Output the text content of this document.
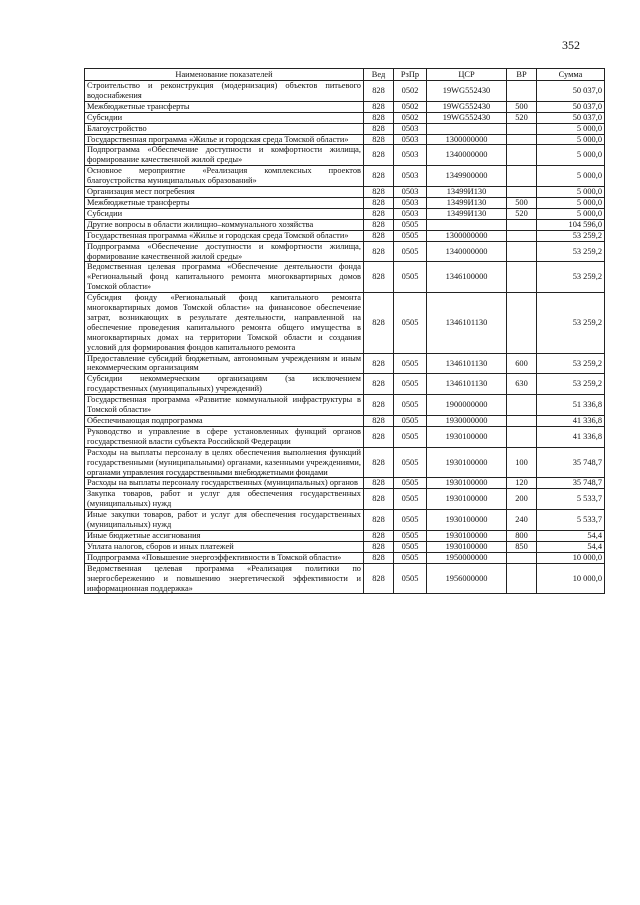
352
Наименование показателей	Вед	РзПр	ЦСР	ВР	Сумма
Строительство и реконструкция (модернизация) объектов питьевого водоснабжения	828	0502	19WG552430		50 037,0
Межбюджетные трансферты	828	0502	19WG552430	500	50 037,0
Субсидии	828	0502	19WG552430	520	50 037,0
Благоустройство	828	0503			5 000,0
Государственная программа «Жилье и городская среда Томской области»	828	0503	1300000000		5 000,0
Подпрограмма «Обеспечение доступности и комфортности жилища, формирование качественной жилой среды»	828	0503	1340000000		5 000,0
Основное мероприятие «Реализация комплексных проектов благоустройства муниципальных образований»	828	0503	1349900000		5 000,0
Организация мест погребения	828	0503	13499И130		5 000,0
Межбюджетные трансферты	828	0503	13499И130	500	5 000,0
Субсидии	828	0503	13499И130	520	5 000,0
Другие вопросы в области жилищно–коммунального хозяйства	828	0505			104 596,0
Государственная программа «Жилье и городская среда Томской области»	828	0505	1300000000		53 259,2
Подпрограмма «Обеспечение доступности и комфортности жилища, формирование качественной жилой среды»	828	0505	1340000000		53 259,2
Ведомственная целевая программа «Обеспечение деятельности фонда «Региональный фонд капитального ремонта многоквартирных домов Томской области»	828	0505	1346100000		53 259,2
Субсидия фонду «Региональный фонд капитального ремонта многоквартирных домов Томской области» на финансовое обеспечение затрат, возникающих в результате деятельности, направленной на обеспечение проведения капитального ремонта общего имущества в многоквартирных домах на территории Томской области и создания условий для формирования фондов капитального ремонта	828	0505	1346101130		53 259,2
Предоставление субсидий бюджетным, автономным учреждениям и иным некоммерческим организациям	828	0505	1346101130	600	53 259,2
Субсидии некоммерческим организациям (за исключением государственных (муниципальных) учреждений)	828	0505	1346101130	630	53 259,2
Государственная программа «Развитие коммунальной инфраструктуры в Томской области»	828	0505	1900000000		51 336,8
Обеспечивающая подпрограмма	828	0505	1930000000		41 336,8
Руководство и управление в сфере установленных функций органов государственной власти субъекта Российской Федерации	828	0505	1930100000		41 336,8
Расходы на выплаты персоналу в целях обеспечения выполнения функций государственными (муниципальными) органами, казенными учреждениями, органами управления государственными внебюджетными фондами	828	0505	1930100000	100	35 748,7
Расходы на выплаты персоналу государственных (муниципальных) органов	828	0505	1930100000	120	35 748,7
Закупка товаров, работ и услуг для обеспечения государственных (муниципальных) нужд	828	0505	1930100000	200	5 533,7
Иные закупки товаров, работ и услуг для обеспечения государственных (муниципальных) нужд	828	0505	1930100000	240	5 533,7
Иные бюджетные ассигнования	828	0505	1930100000	800	54,4
Уплата налогов, сборов и иных платежей	828	0505	1930100000	850	54,4
Подпрограмма «Повышение энергоэффективности в Томской области»	828	0505	1950000000		10 000,0
Ведомственная целевая программа «Реализация политики по энергосбережению и повышению энергетической эффективности и информационная поддержка»	828	0505	1956000000		10 000,0
